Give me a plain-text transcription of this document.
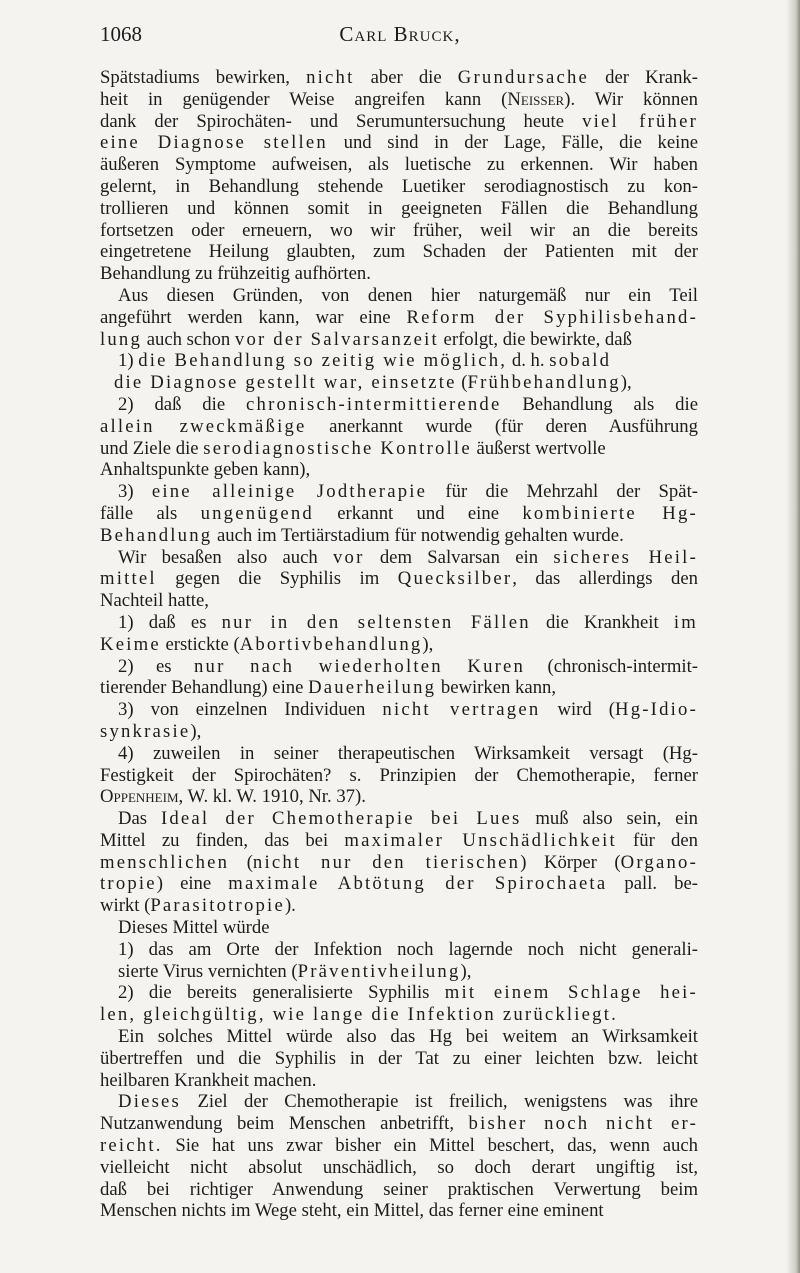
1068	Carl Bruck,
Spätstadiums bewirken, nicht aber die Grundursache der Krank-
heit in genügender Weise angreifen kann (Neisser). Wir können
dank der Spirochäten- und Serumuntersuchung heute viel früher
eine Diagnose stellen und sind in der Lage, Fälle, die keine
äußeren Symptome aufweisen, als luetische zu erkennen. Wir haben
gelernt, in Behandlung stehende Luetiker serodiagnostisch zu kon-
trollieren und können somit in geeigneten Fällen die Behandlung
fortsetzen oder erneuern, wo wir früher, weil wir an die bereits
eingetretene Heilung glaubten, zum Schaden der Patienten mit der
Behandlung zu frühzeitig aufhörten.
Aus diesen Gründen, von denen hier naturgemäß nur ein Teil
angeführt werden kann, war eine Reform der Syphilisbehand-
lung auch schon vor der Salvarsanzeit erfolgt, die bewirkte, daß
1) die Behandlung so zeitig wie möglich, d. h. sobald
die Diagnose gestellt war, einsetzte (Frühbehandlung),
2) daß die chronisch-intermittierende Behandlung als die
allein zweckmäßige anerkannt wurde (für deren Ausführung
und Ziele die serodiagnostische Kontrolle äußerst wertvolle
Anhaltspunkte geben kann),
3) eine alleinige Jodtherapie für die Mehrzahl der Spät-
fälle als ungenügend erkannt und eine kombinierte Hg-
Behandlung auch im Tertiärstadium für notwendig gehalten wurde.
Wir besaßen also auch vor dem Salvarsan ein sicheres Heil-
mittel gegen die Syphilis im Quecksilber, das allerdings den
Nachteil hatte,
1) daß es nur in den seltensten Fällen die Krankheit im
Keime erstickte (Abortivbehandlung),
2) es nur nach wiederholten Kuren (chronisch-intermit-
tierender Behandlung) eine Dauerheilung bewirken kann,
3) von einzelnen Individuen nicht vertragen wird (Hg-Idio-
synkrasie),
4) zuweilen in seiner therapeutischen Wirksamkeit versagt (Hg-
Festigkeit der Spirochäten? s. Prinzipien der Chemotherapie, ferner
Oppenheim, W. kl. W. 1910, Nr. 37).
Das Ideal der Chemotherapie bei Lues muß also sein, ein
Mittel zu finden, das bei maximaler Unschädlichkeit für den
menschlichen (nicht nur den tierischen) Körper (Organo-
tropie) eine maximale Abtötung der Spirochaeta pall. be-
wirkt (Parasitotropie).
Dieses Mittel würde
1) das am Orte der Infektion noch lagernde noch nicht generali-
sierte Virus vernichten (Präventivheilung),
2) die bereits generalisierte Syphilis mit einem Schlage hei-
len, gleichgültig, wie lange die Infektion zurückliegt.
Ein solches Mittel würde also das Hg bei weitem an Wirksamkeit
übertreffen und die Syphilis in der Tat zu einer leichten bzw. leicht
heilbaren Krankheit machen.
Dieses Ziel der Chemotherapie ist freilich, wenigstens was ihre
Nutzanwendung beim Menschen anbetrifft, bisher noch nicht er-
reicht. Sie hat uns zwar bisher ein Mittel beschert, das, wenn auch
vielleicht nicht absolut unschädlich, so doch derart ungiftig ist,
daß bei richtiger Anwendung seiner praktischen Verwertung beim
Menschen nichts im Wege steht, ein Mittel, das ferner eine eminent
